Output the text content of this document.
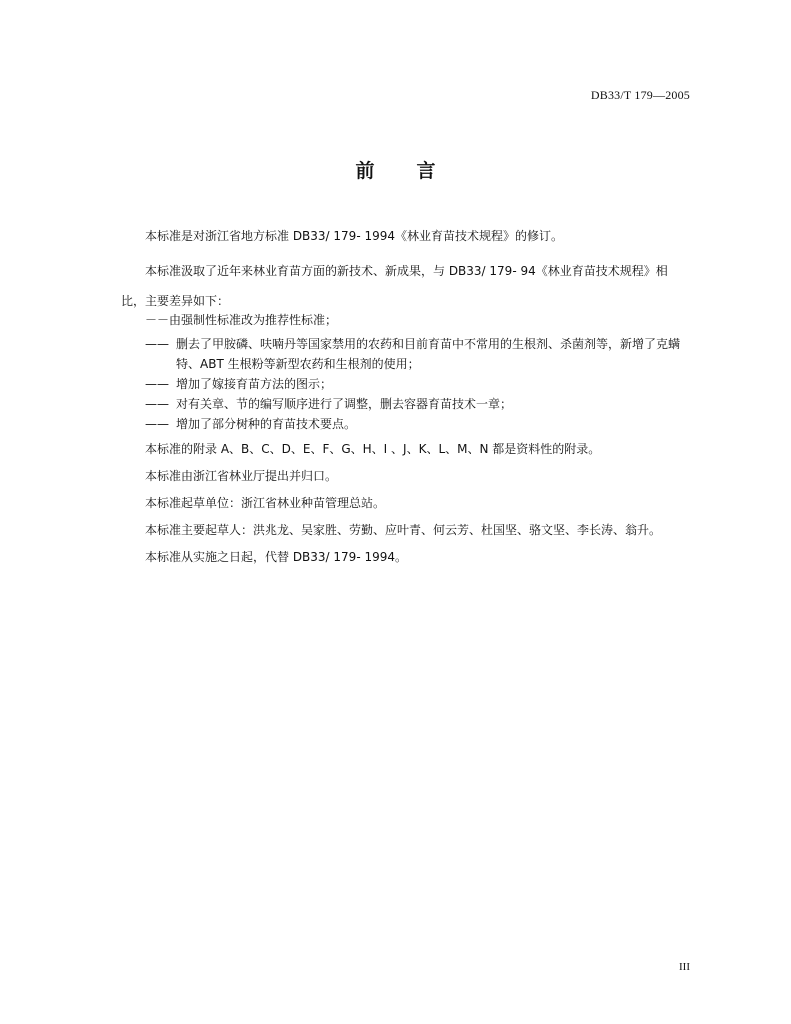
DB33/T 179—2005
前言

本标准是对浙江省地方标准 DB33/ 179- 1994《林业育苗技术规程》的修订。

本标准汲取了近年来林业育苗方面的新技术、新成果，与 DB33/ 179- 94《林业育苗技术规程》相比，主要差异如下：

－－由强制性标准改为推荐性标准；
—— 删去了甲胺磷、呋喃丹等国家禁用的农药和目前育苗中不常用的生根剂、杀菌剂等，新增了克螨特、ABT 生根粉等新型农药和生根剂的使用；
—— 增加了嫁接育苗方法的图示；
—— 对有关章、节的编写顺序进行了调整，删去容器育苗技术一章；
—— 增加了部分树种的育苗技术要点。

本标准的附录 A、B、C、D、E、F、G、H、I 、J、K、L、M、N 都是资料性的附录。

本标准由浙江省林业厅提出并归口。

本标准起草单位：浙江省林业种苗管理总站。

本标准主要起草人：洪兆龙、吴家胜、劳勤、应叶青、何云芳、杜国坚、骆文坚、李长涛、翁升。

本标准从实施之日起，代替 DB33/ 179- 1994。

III
